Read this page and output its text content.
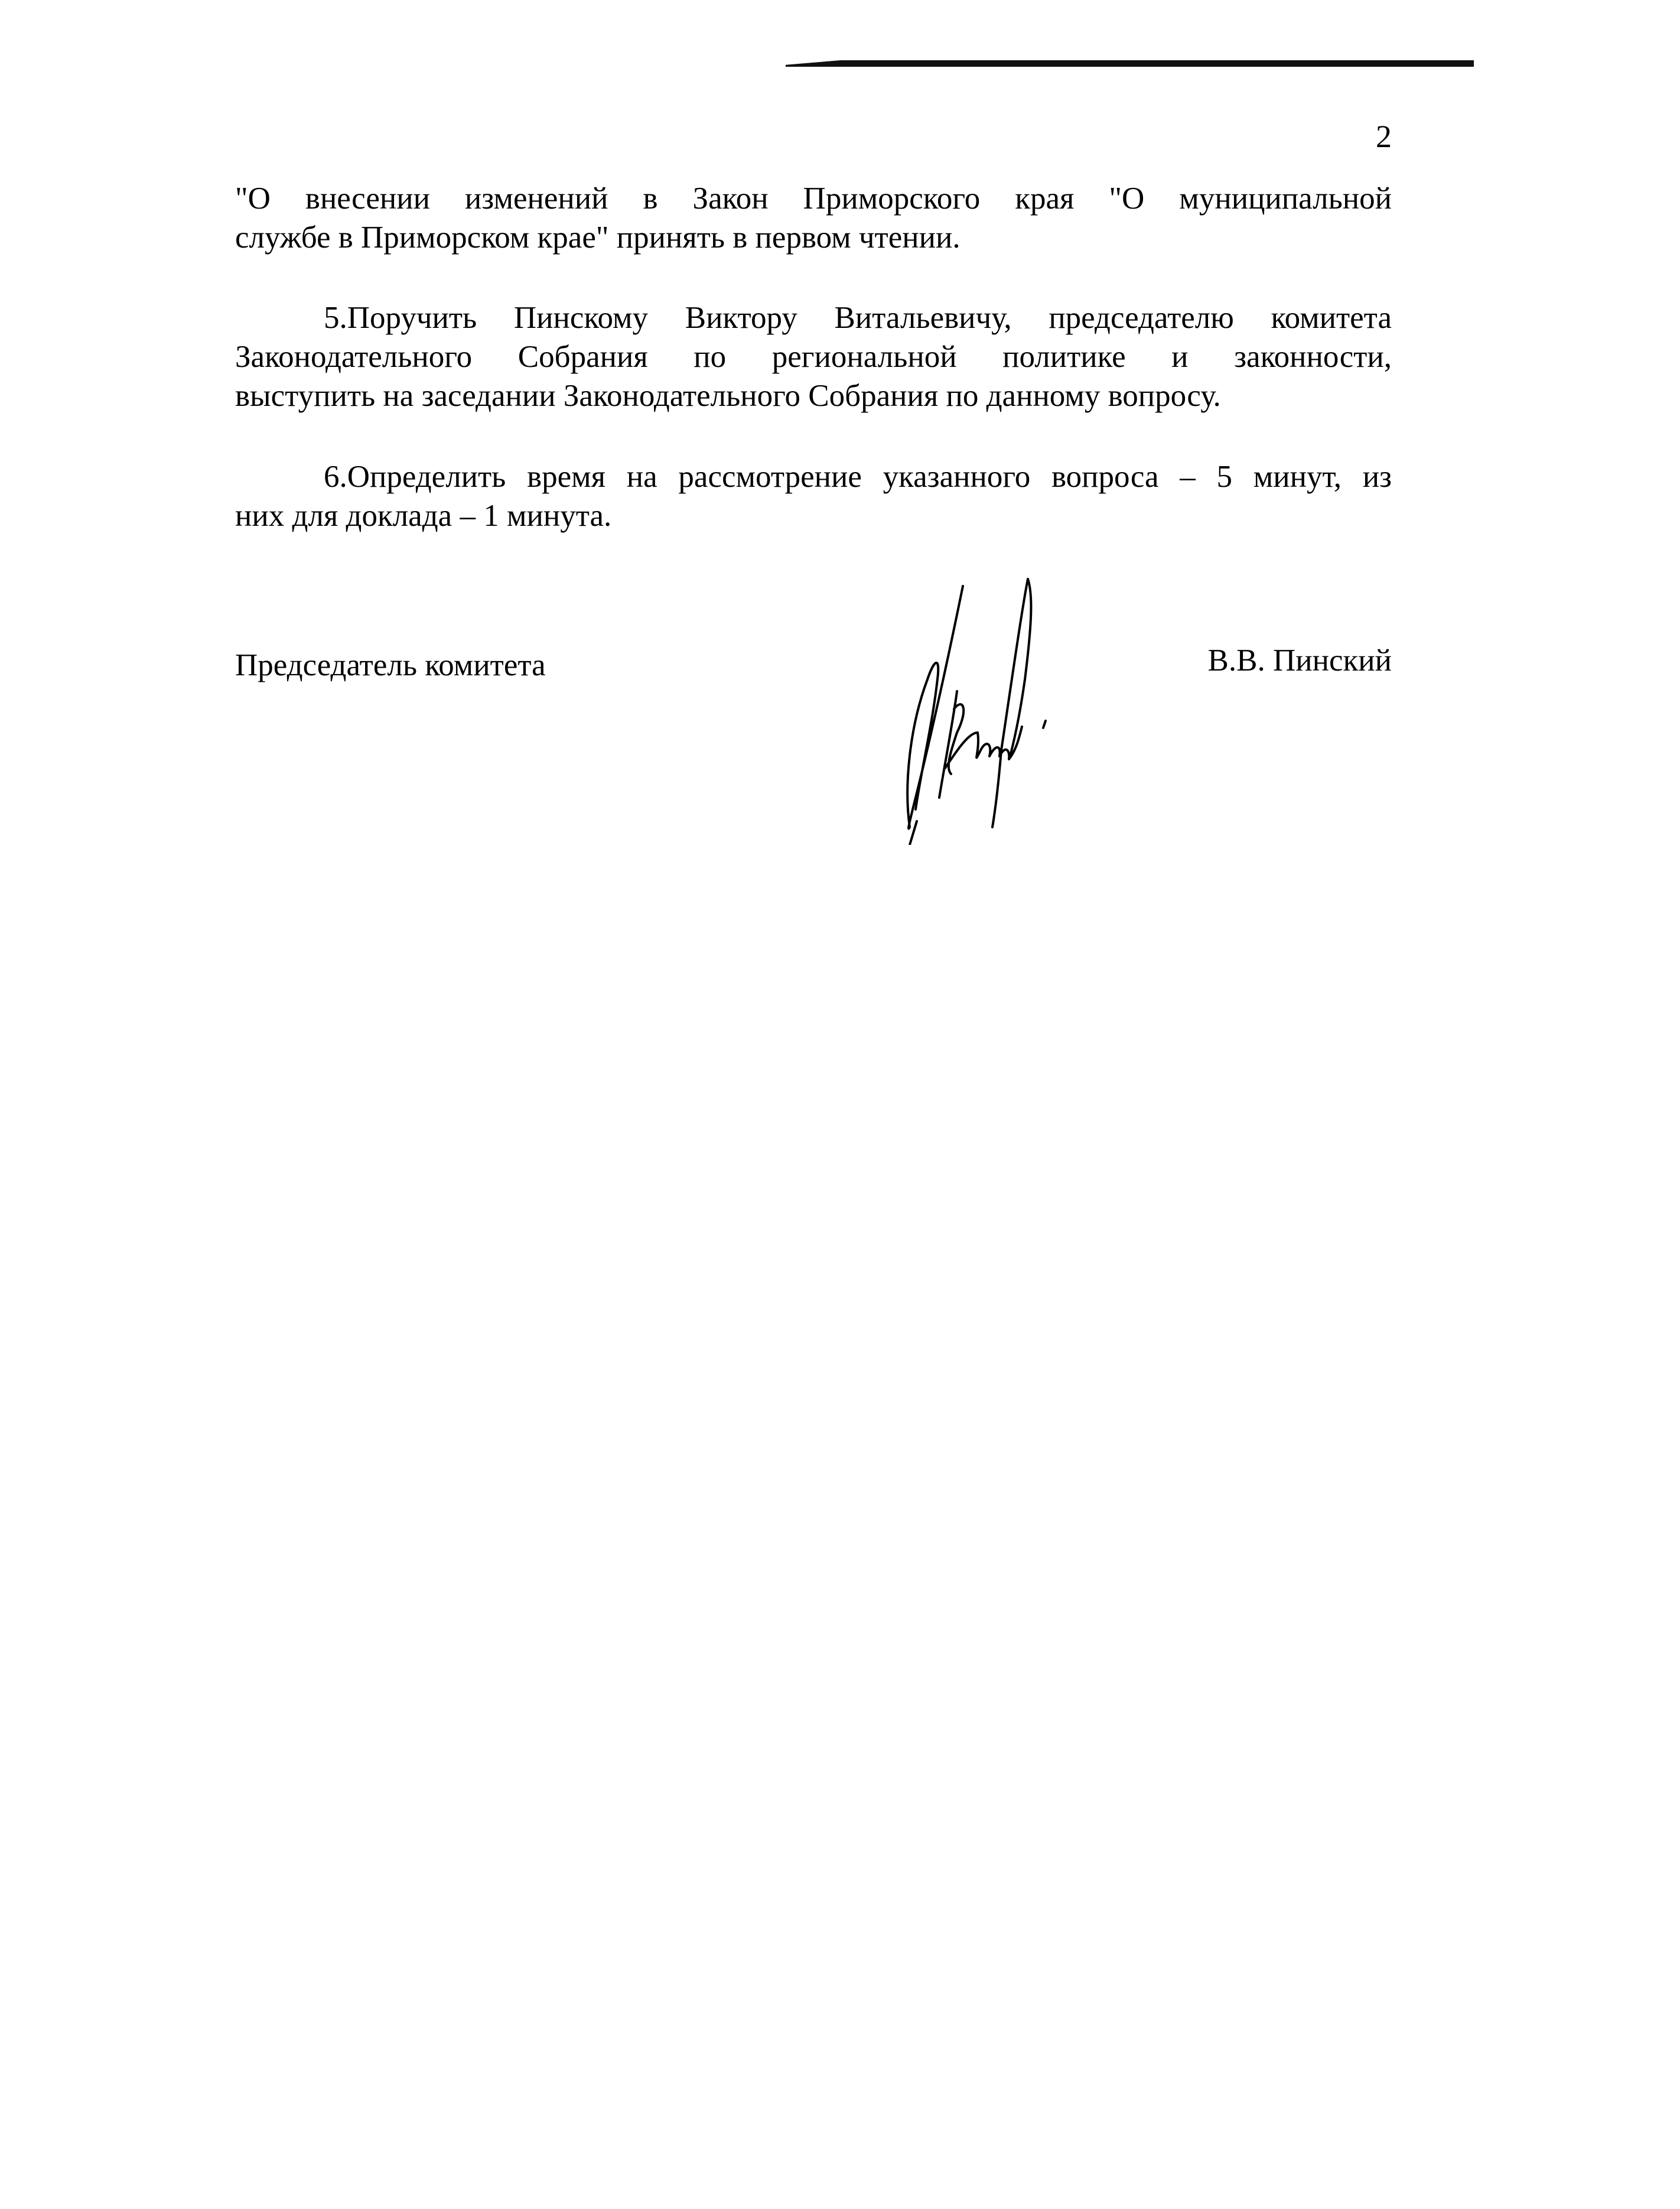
2
"О внесении изменений в Закон Приморского края "О муниципальной
службе в Приморском крае" принять в первом чтении.
5.Поручить Пинскому Виктору Витальевичу, председателю комитета
Законодательного Собрания по региональной политике и законности,
выступить на заседании Законодательного Собрания по данному вопросу.
6.Определить время на рассмотрение указанного вопроса – 5 минут, из
них для доклада – 1 минута.
Председатель комитета	В.В. Пинский
